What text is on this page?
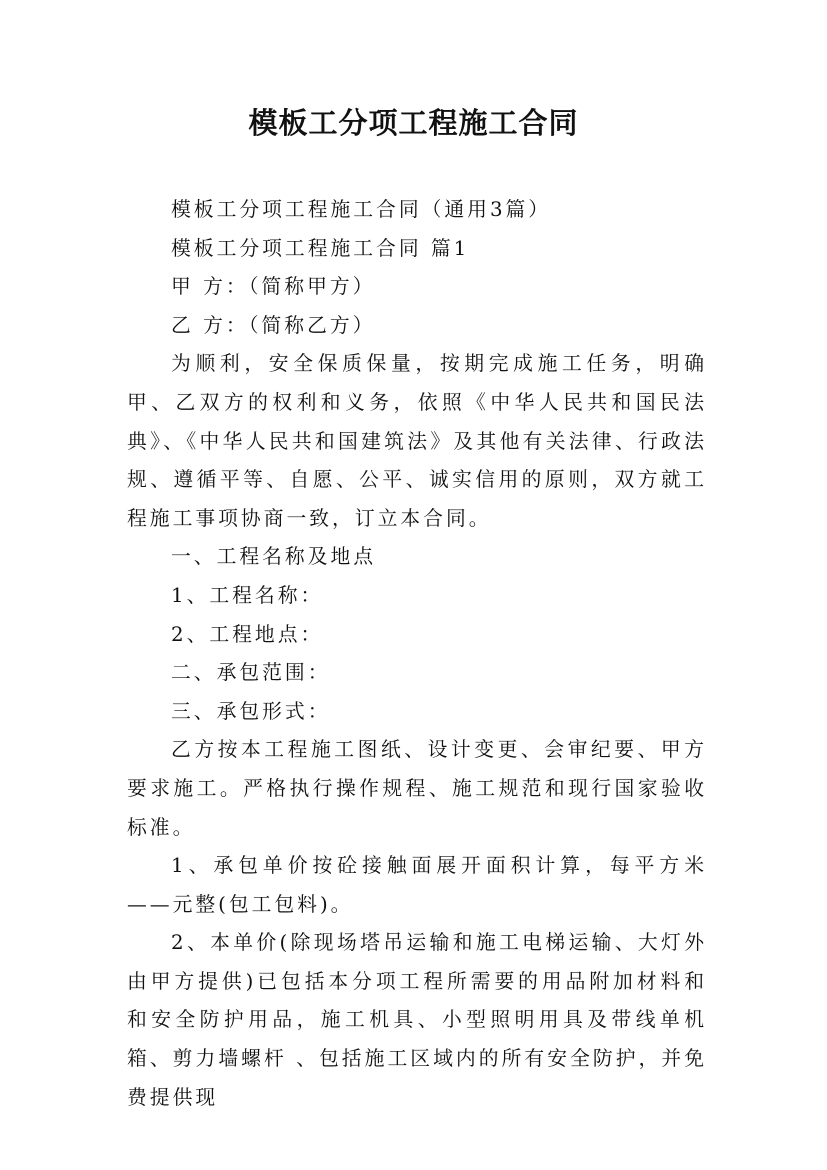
模板工分项工程施工合同

模板工分项工程施工合同（通用3篇）

模板工分项工程施工合同 篇1

甲 方：（简称甲方）

乙 方：（简称乙方）

为顺利，安全保质保量，按期完成施工任务，明确甲、乙双方的权利和义务，依照《中华人民共和国民法典》、《中华人民共和国建筑法》及其他有关法律、行政法规、遵循平等、自愿、公平、诚实信用的原则，双方就工程施工事项协商一致，订立本合同。

一、工程名称及地点

1、工程名称：

2、工程地点：

二、承包范围：

三、承包形式：

乙方按本工程施工图纸、设计变更、会审纪要、甲方要求施工。严格执行操作规程、施工规范和现行国家验收标准。

1、承包单价按砼接触面展开面积计算，每平方米——元整(包工包料)。

2、本单价(除现场塔吊运输和施工电梯运输、大灯外由甲方提供)已包括本分项工程所需要的用品附加材料和和安全防护用品，施工机具、小型照明用具及带线单机箱、剪力墙螺杆 、包括施工区域内的所有安全防护，并免费提供现
